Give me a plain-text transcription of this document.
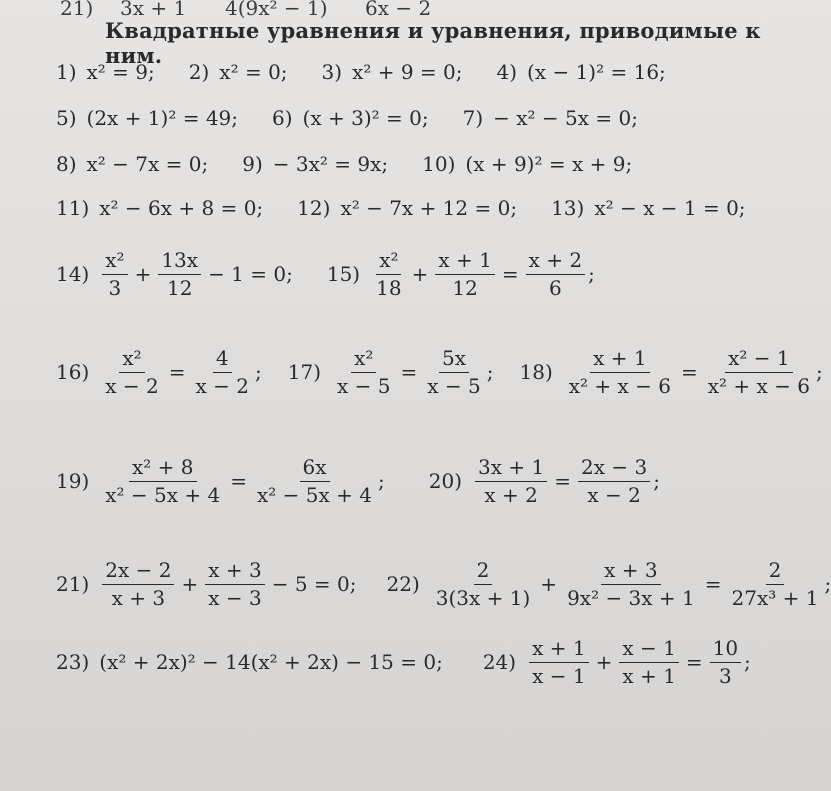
21) 3x + 1 4(9x² − 1) 6x − 2
Квадратные уравнения и уравнения, приводимые к ним.
1) x² = 9; 2) x² = 0; 3) x² + 9 = 0; 4) (x − 1)² = 16;
5) (2x + 1)² = 49; 6) (x + 3)² = 0; 7) − x² − 5x = 0;
8) x² − 7x = 0; 9) − 3x² = 9x; 10) (x + 9)² = x + 9;
11) x² − 6x + 8 = 0; 12) x² − 7x + 12 = 0; 13) x² − x − 1 = 0;
$14) \frac{\text{x²}}{3} + \frac{13x}{12} - 1 = 0$; $15) \frac{\text{x²}}{18} + \frac{x + 1}{12} = \frac{x + 2}{6}$ ;
$16) \frac{\text{x²}}{x - 2} = \frac{4}{x - 2}$ ; $17) \frac{\text{x²}}{x - 5} = \frac{5x}{x - 5}$ ; $18) \frac{x + 1}{\text{x² + x − 6}} = \frac{\text{x² − 1}}{\text{x² + x − 6}}$ ;
$19) \frac{\text{x² + 8}}{\text{x² − 5x + 4}} = \frac{6x}{\text{x² − 5x + 4}}$ ; $20) \frac{3x + 1}{x + 2} = \frac{2x - 3}{x - 2}$ ;
$21) \frac{2x - 2}{x + 3} + \frac{x + 3}{x - 3} - 5 = 0$; $22) \frac{2}{3(3x + 1)} + \frac{x + 3}{\text{9x² − 3x + 1}} = \frac{2}{\text{27x³ + 1}}$ ;
23) (x² + 2x)² − 14(x² + 2x) − 15 = 0; $24) \frac{x + 1}{x - 1} + \frac{x - 1}{x + 1} = \frac{10}{3}$ ;
